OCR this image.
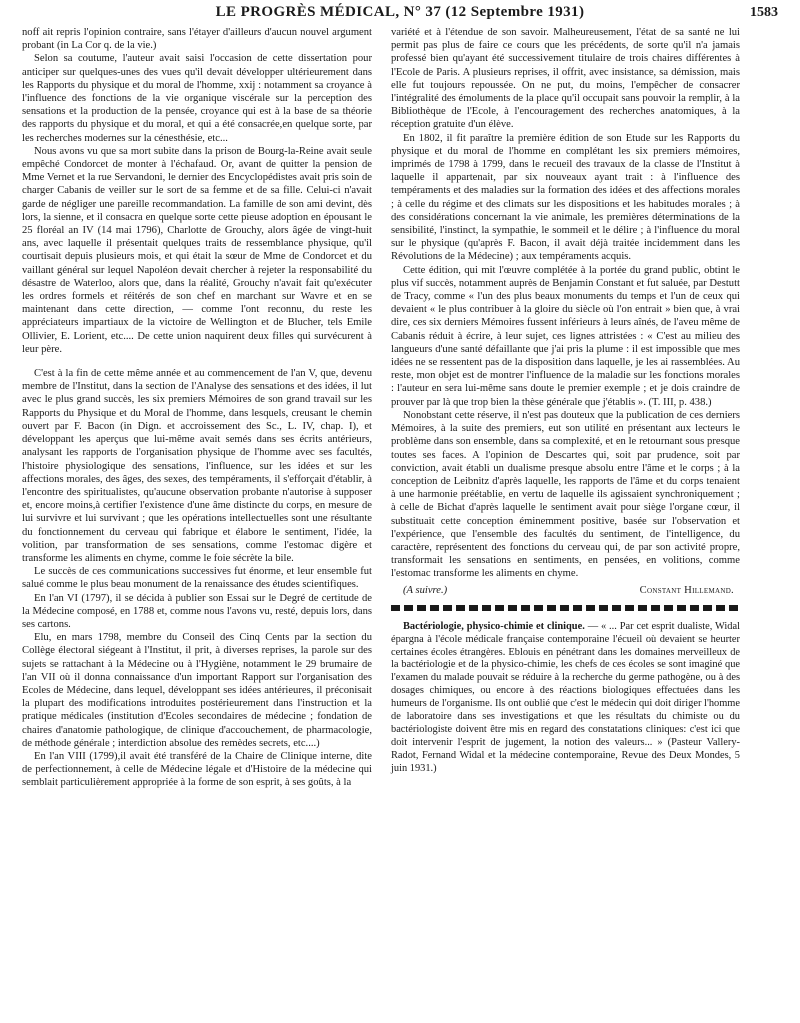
LE PROGRÈS MÉDICAL, N° 37 (12 Septembre 1931)	1583

noff ait repris l'opinion contraire, sans l'étayer d'ailleurs d'aucun nouvel argument probant (in La Cor q. de la vie.)

Selon sa coutume, l'auteur avait saisi l'occasion de cette dissertation pour anticiper sur quelques-unes des vues qu'il devait développer ultérieurement dans les Rapports du physique et du moral de l'homme, xxij : notamment sa croyance à l'influence des fonctions de la vie organique viscérale sur la perception des sensations et la production de la pensée, croyance qui est à la base de sa théorie des rapports du physique et du moral, et qui a été consacrée,en quelque sorte, par les recherches modernes sur la cénesthésie, etc...

Nous avons vu que sa mort subite dans la prison de Bourg-la-Reine avait seule empêché Condorcet de monter à l'échafaud. Or, avant de quitter la pension de Mme Vernet et la rue Servandoni, le dernier des Encyclopédistes avait pris soin de charger Cabanis de veiller sur le sort de sa femme et de sa fille. Celui-ci n'avait garde de négliger une pareille recommandation. La famille de son ami devint, dès lors, la sienne, et il consacra en quelque sorte cette pieuse adoption en épousant le 25 floréal an IV (14 mai 1796), Charlotte de Grouchy, alors âgée de vingt-huit ans, avec laquelle il présentait quelques traits de ressemblance physique, qu'il courtisait depuis plusieurs mois, et qui était la sœur de Mme de Condorcet et du vaillant général sur lequel Napoléon devait chercher à rejeter la responsabilité du désastre de Waterloo, alors que, dans la réalité, Grouchy n'avait fait qu'exécuter les ordres formels et réitérés de son chef en marchant sur Wavre et en se maintenant dans cette direction, — comme l'ont reconnu, du reste les appréciateurs impartiaux de la victoire de Wellington et de Blucher, tels Emile Ollivier, E. Lorient, etc.... De cette union naquirent deux filles qui survécurent à leur père.

C'est à la fin de cette même année et au commencement de l'an V, que, devenu membre de l'Institut, dans la section de l'Analyse des sensations et des idées, il lut avec le plus grand succès, les six premiers Mémoires de son grand travail sur les Rapports du Physique et du Moral de l'homme, dans lesquels, creusant le chemin ouvert par F. Bacon (in Dign. et accroissement des Sc., L. IV, chap. I), et développant les aperçus que lui-même avait semés dans ses écrits antérieurs, analysant les rapports de l'organisation physique de l'homme avec ses facultés, l'histoire physiologique des sensations, l'influence, sur les idées et sur les affections morales, des âges, des sexes, des tempéraments, il s'efforçait d'établir, à l'encontre des spiritualistes, qu'aucune observation probante n'autorise à supposer et, encore moins,à certifier l'existence d'une âme distincte du corps, en mesure de lui survivre et lui survivant ; que les opérations intellectuelles sont une résultante du fonctionnement du cerveau qui fabrique et élabore le sentiment, l'idée, la volition, par transformation de ses sensations, comme l'estomac digère et transforme les aliments en chyme, comme le foie sécrète la bile.

Le succès de ces communications successives fut énorme, et leur ensemble fut salué comme le plus beau monument de la renaissance des études scientifiques.

En l'an VI (1797), il se décida à publier son Essai sur le Degré de certitude de la Médecine composé, en 1788 et, comme nous l'avons vu, resté, depuis lors, dans ses cartons.

Elu, en mars 1798, membre du Conseil des Cinq Cents par la section du Collège électoral siégeant à l'Institut, il prit, à diverses reprises, la parole sur des sujets se rattachant à la Médecine ou à l'Hygiène, notamment le 29 brumaire de l'an VII où il donna connaissance d'un important Rapport sur l'organisation des Ecoles de Médecine, dans lequel, développant ses idées antérieures, il préconisait la plupart des modifications introduites postérieurement dans l'instruction et la pratique médicales (institution d'Ecoles secondaires de médecine ; fondation de chaires d'anatomie pathologique, de clinique d'accouchement, de pharmacologie, de méthode générale ; interdiction absolue des remèdes secrets, etc....)

En l'an VIII (1799),il avait été transféré de la Chaire de Clinique interne, dite de perfectionnement, à celle de Médecine légale et d'Histoire de la médecine qui semblait particulièrement appropriée à la forme de son esprit, à ses goûts, à la

variété et à l'étendue de son savoir. Malheureusement, l'état de sa santé ne lui permit pas plus de faire ce cours que les précédents, de sorte qu'il n'a jamais professé bien qu'ayant été successivement titulaire de trois chaires différentes à l'Ecole de Paris. A plusieurs reprises, il offrit, avec insistance, sa démission, mais elle fut toujours repoussée. On ne put, du moins, l'empêcher de consacrer l'intégralité des émoluments de la place qu'il occupait sans pouvoir la remplir, à la Bibliothèque de l'Ecole, à l'encouragement des recherches anatomiques, à la réception gratuite d'un élève.

En 1802, il fit paraître la première édition de son Etude sur les Rapports du physique et du moral de l'homme en complétant les six premiers mémoires, imprimés de 1798 à 1799, dans le recueil des travaux de la classe de l'Institut à laquelle il appartenait, par six nouveaux ayant trait : à l'influence des tempéraments et des maladies sur la formation des idées et des affections morales ; à celle du régime et des climats sur les dispositions et les habitudes morales ; à des considérations concernant la vie animale, les premières déterminations de la sensibilité, l'instinct, la sympathie, le sommeil et le délire ; à l'influence du moral sur le physique (qu'après F. Bacon, il avait déjà traitée incidemment dans les Révolutions de la Médecine) ; aux tempéraments acquis.

Cette édition, qui mit l'œuvre complétée à la portée du grand public, obtint le plus vif succès, notamment auprès de Benjamin Constant et fut saluée, par Destutt de Tracy, comme « l'un des plus beaux monuments du temps et l'un de ceux qui devaient « le plus contribuer à la gloire du siècle où l'on entrait » bien que, à vrai dire, ces six derniers Mémoires fussent inférieurs à leurs aînés, de l'aveu même de Cabanis réduit à écrire, à leur sujet, ces lignes attristées : « C'est au milieu des langueurs d'une santé défaillante que j'ai pris la plume : il est impossible que mes idées ne se ressentent pas de la disposition dans laquelle, je les ai rassemblées. Au reste, mon objet est de montrer l'influence de la maladie sur les fonctions morales : l'auteur en sera lui-même sans doute le premier exemple ; et je dois craindre de prouver par là que trop bien la thèse générale que j'établis ». (T. III, p. 438.)

Nonobstant cette réserve, il n'est pas douteux que la publication de ces derniers Mémoires, à la suite des premiers, eut son utilité en présentant aux lecteurs le problème dans son ensemble, dans sa complexité, et en le retournant sous presque toutes ses faces. A l'opinion de Descartes qui, soit par prudence, soit par conviction, avait établi un dualisme presque absolu entre l'âme et le corps ; à la conception de Leibnitz d'après laquelle, les rapports de l'âme et du corps tenaient à une harmonie préétablie, en vertu de laquelle ils agissaient synchroniquement ; à celle de Bichat d'après laquelle le sentiment avait pour siège l'organe cœur, il substituait cette conception éminemment positive, basée sur l'observation et l'expérience, que l'ensemble des facultés du sentiment, de l'intelligence, du caractère, représentent des fonctions du cerveau qui, de par son activité propre, transformait les sensations en sentiments, en pensées, en volitions, comme l'estomac transforme les aliments en chyme.

(A suivre.)	Constant Hillemand.

Bactériologie, physico-chimie et clinique. — « ... Par cet esprit dualiste, Widal épargna à l'école médicale française contemporaine l'écueil où devaient se heurter certaines écoles étrangères. Eblouis en pénétrant dans les domaines merveilleux de la bactériologie et de la physico-chimie, les chefs de ces écoles se sont imaginé que l'examen du malade pouvait se réduire à la recherche du germe pathogène, ou à des dosages chimiques, ou encore à des réactions biologiques effectuées dans les humeurs de l'organisme. Ils ont oublié que c'est le médecin qui doit diriger l'homme de laboratoire dans ses investigations et que les résultats du chimiste ou du bactériologiste doivent être mis en regard des constatations cliniques: c'est ici que doit intervenir l'esprit de jugement, la notion des valeurs... » (Pasteur Vallery-Radot, Fernand Widal et la médecine contemporaine, Revue des Deux Mondes, 5 juin 1931.)
